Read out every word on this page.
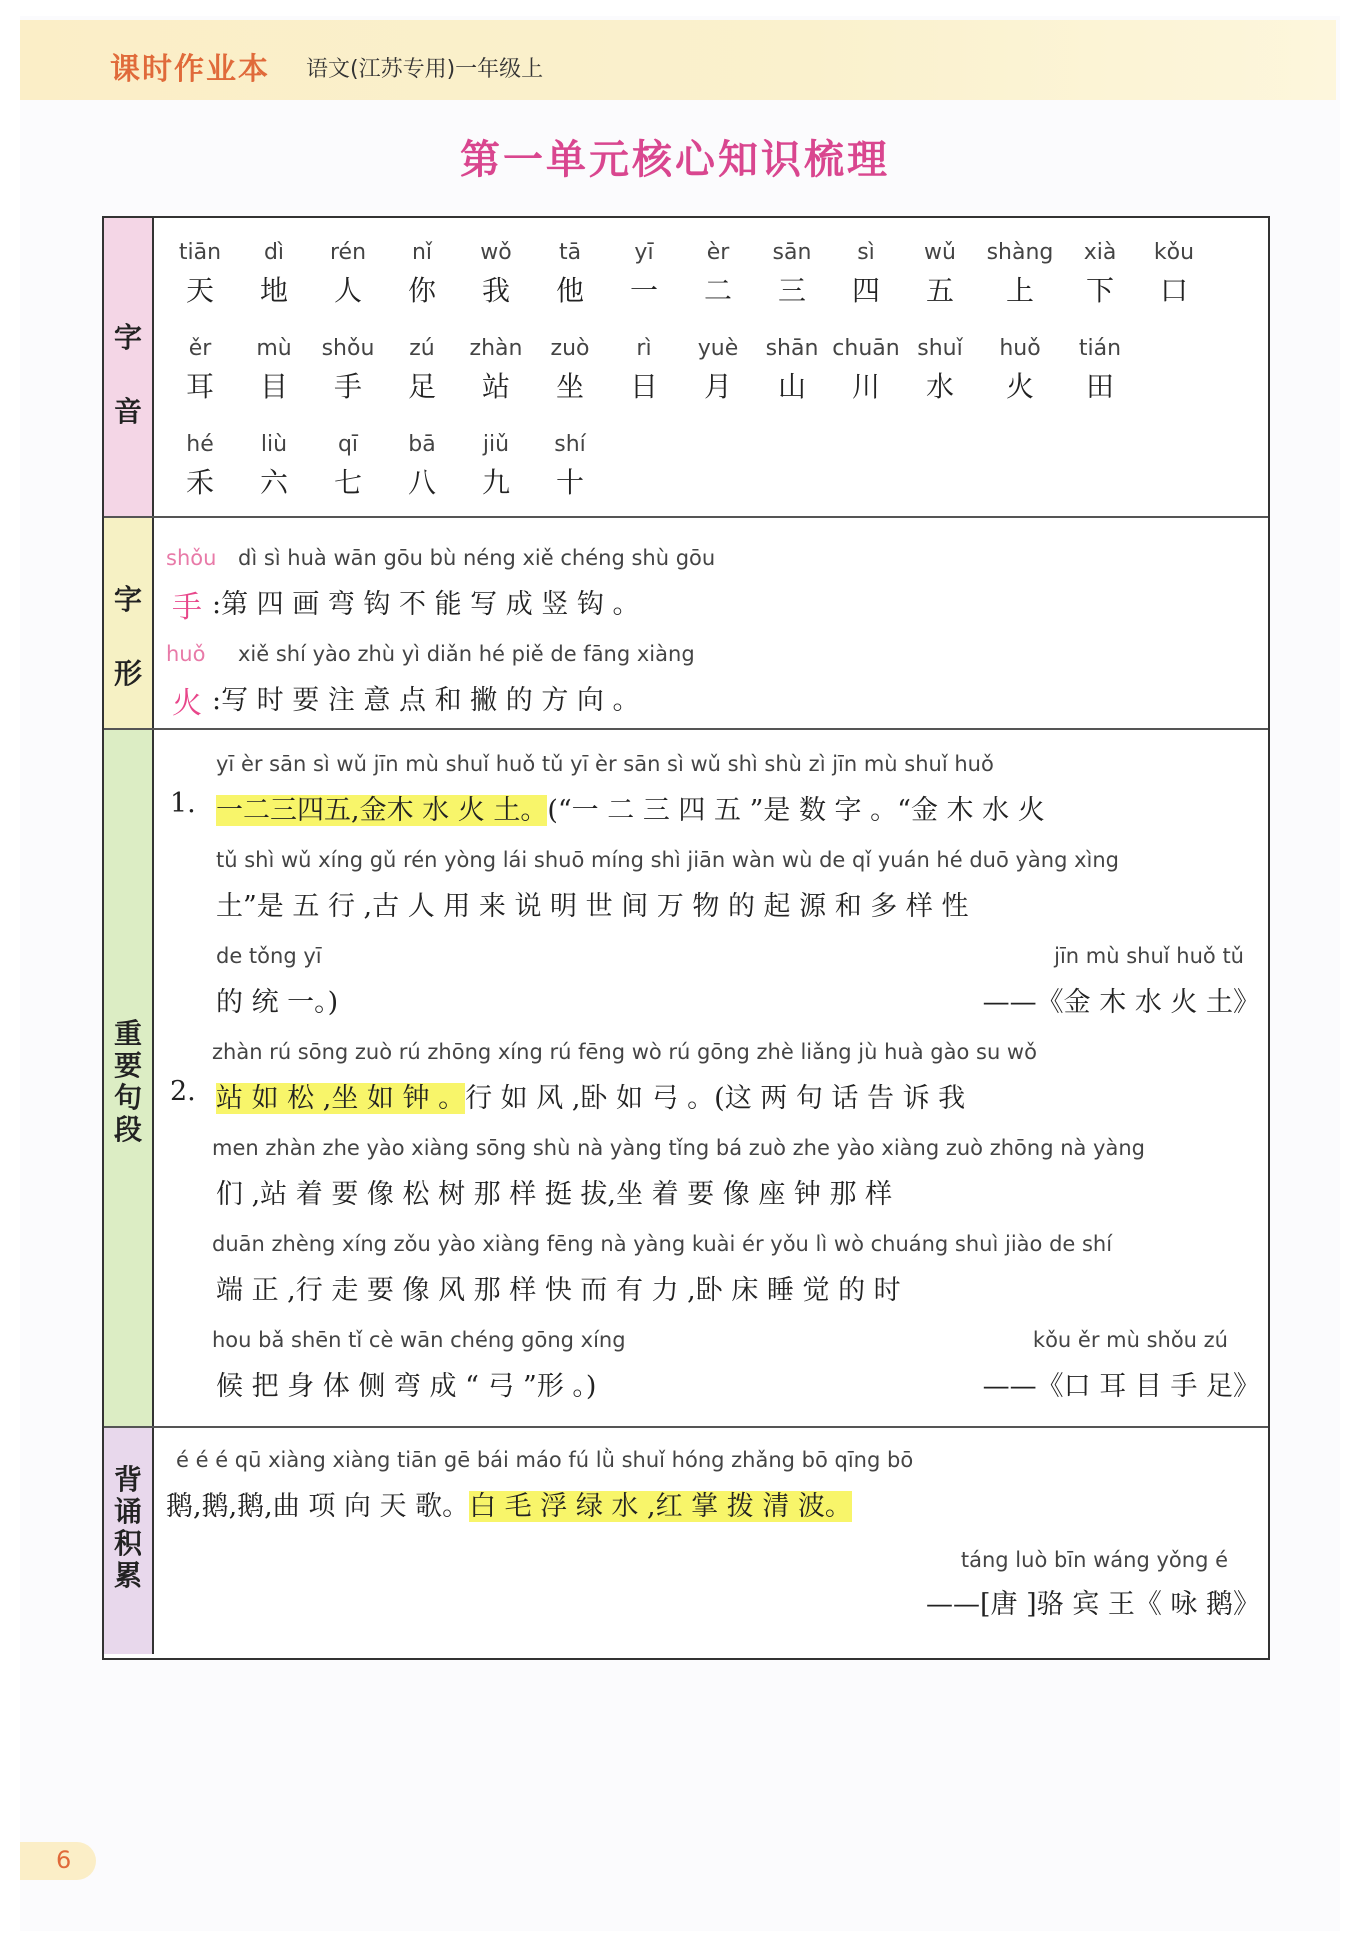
课时作业本 语文(江苏专用)一年级上
第一单元核心知识梳理
字
音
字
形
重
要
句
段
背
诵
积
累
tiān
天
dì
地
rén
人
nǐ
你
wǒ
我
tā
他
yī
一
èr
二
sān
三
sì
四
wǔ
五
shàng
上
xià
下
kǒu
口
ěr
耳
mù
目
shǒu
手
zú
足
zhàn
站
zuò
坐
rì
日
yuè
月
shān
山
chuān
川
shuǐ
水
huǒ
火
tián
田
hé
禾
liù
六
qī
七
bā
八
jiǔ
九
shí
十
shǒu dì sì huà wān gōu bù néng xiě chéng shù gōu
手 :第 四 画 弯 钩 不 能 写 成 竖 钩 。
huǒ xiě shí yào zhù yì diǎn hé piě de fāng xiàng
火 :写 时 要 注 意 点 和 撇 的 方 向 。
yī èr sān sì wǔ jīn mù shuǐ huǒ tǔ yī èr sān sì wǔ shì shù zì jīn mù shuǐ huǒ
1. 一二三四五,金木 水 火 土。(“一 二 三 四 五 ”是 数 字 。“金 木 水 火
tǔ shì wǔ xíng gǔ rén yòng lái shuō míng shì jiān wàn wù de qǐ yuán hé duō yàng xìng
土”是 五 行 ,古 人 用 来 说 明 世 间 万 物 的 起 源 和 多 样 性
de tǒng yī
的 统 一。)
jīn mù shuǐ huǒ tǔ
——《金 木 水 火 土》
zhàn rú sōng zuò rú zhōng xíng rú fēng wò rú gōng zhè liǎng jù huà gào su wǒ
2. 站 如 松 ,坐 如 钟 。行 如 风 ,卧 如 弓 。(这 两 句 话 告 诉 我
men zhàn zhe yào xiàng sōng shù nà yàng tǐng bá zuò zhe yào xiàng zuò zhōng nà yàng
们 ,站 着 要 像 松 树 那 样 挺 拔,坐 着 要 像 座 钟 那 样
duān zhèng xíng zǒu yào xiàng fēng nà yàng kuài ér yǒu lì wò chuáng shuì jiào de shí
端 正 ,行 走 要 像 风 那 样 快 而 有 力 ,卧 床 睡 觉 的 时
hou bǎ shēn tǐ cè wān chéng gōng xíng
候 把 身 体 侧 弯 成 “ 弓 ”形 。)
kǒu ěr mù shǒu zú
——《口 耳 目 手 足》
é é é qū xiàng xiàng tiān gē bái máo fú lǜ shuǐ hóng zhǎng bō qīng bō
鹅,鹅,鹅,曲 项 向 天 歌。白 毛 浮 绿 水 ,红 掌 拨 清 波。
táng luò bīn wáng yǒng é
——[唐 ]骆 宾 王《 咏 鹅》
6
